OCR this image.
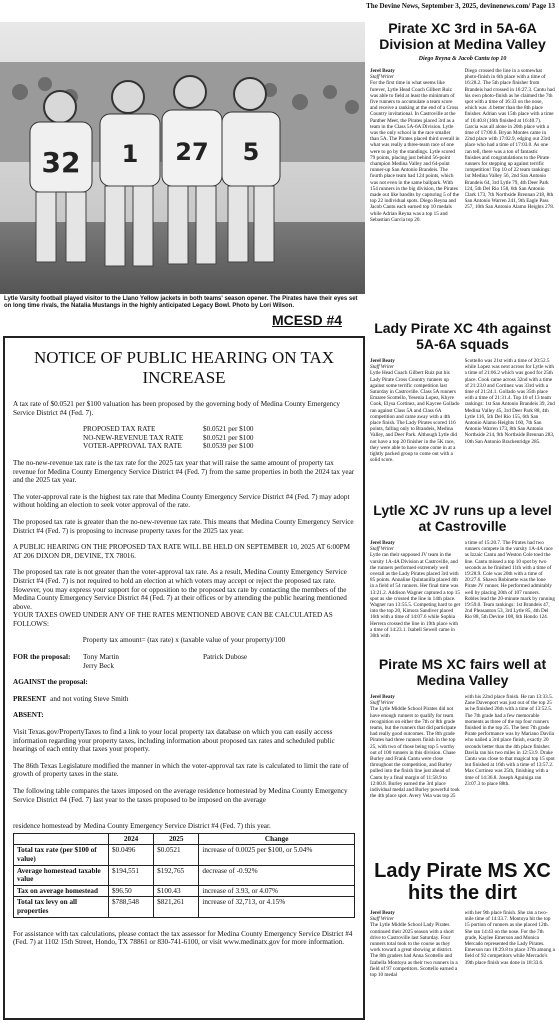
The Devine News, September 3, 2025, devinenews.com/ Page 13
32 1 27 5
Lytle Varsity football played visitor to the Llano Yellow jackets in both teams' season opener. The Pirates have their eyes set on long time rivals, the Natalia Mustangs in the highly anticipated Legacy Bowl. Photo by Lori Wilson.
MCESD #4
NOTICE OF PUBLIC HEARING ON TAX INCREASE

A tax rate of $0.0521 per $100 valuation has been proposed by the governing body of Medina County Emergency Service District #4 (Fed. 7).

PROPOSED TAX RATE	$0.0521 per $100
NO-NEW-REVENUE TAX RATE	$0.0521 per $100
VOTER-APPROVAL TAX RATE	$0.0539 per $100

The no-new-revenue tax rate is the tax rate for the 2025 tax year that will raise the same amount of property tax revenue for Medina County Emergency Service District #4 (Fed. 7) from the same properties in both the 2024 tax year and the 2025 tax year.

The voter-approval rate is the highest tax rate that Medina County Emergency Service District #4 (Fed. 7) may adopt without holding an election to seek voter approval of the rate.

The proposed tax rate is greater than the no-new-revenue tax rate. This means that Medina County Emergency Service District #4 (Fed. 7) is proposing to increase property taxes for the 2025 tax year.

A PUBLIC HEARING ON THE PROPOSED TAX RATE WILL BE HELD ON SEPTEMBER 10, 2025 AT 6:00PM AT 206 DIXON DR, DEVINE, TX 78016.

The proposed tax rate is not greater than the voter-approval tax rate. As a result, Medina County Emergency Service District #4 (Fed. 7) is not required to hold an election at which voters may accept or reject the proposed tax rate. However, you may express your support for or opposition to the proposed tax rate by contacting the members of the Medina County Emergency Service District #4 (Fed. 7) at their offices or by attending the public hearing mentioned above.

YOUR TAXES OWED UNDER ANY OF THE RATES MENTIONED ABOVE CAN BE CALCULATED AS FOLLOWS:

Property tax amount= (tax rate) x (taxable value of your property)/100

FOR the proposal:	Tony Martin
Jerry Beck
Patrick Dubose
AGAINST the proposal:
PRESENT and not voting Steve Smith
ABSENT:

Visit Texas.gov/PropertyTaxes to find a link to your local property tax database on which you can easily access information regarding your property taxes, including information about proposed tax rates and scheduled public hearings of each entity that taxes your property.

The 86th Texas Legislature modified the manner in which the voter-approval tax rate is calculated to limit the rate of growth of property taxes in the state.

The following table compares the taxes imposed on the average residence homestead by Medina County Emergency Service District #4 (Fed. 7) last year to the taxes proposed to be imposed on the average

residence homestead by Medina County Emergency Service District #4 (Fed. 7) this year.

	2024	2025	Change
Total tax rate (per $100 of value)	$0.0496	$0.0521	increase of 0.0025 per $100, or 5.04%
Average homestead taxable value	$194,551	$192,765	decrease of -0.92%
Tax on average homestead	$96.50	$100.43	increase of 3.93, or 4.07%
Total tax levy on all properties	$788,548	$821,261	increase of 32,713, or 4.15%

For assistance with tax calculations, please contact the tax assessor for Medina County Emergency Service District #4 (Fed. 7) at 1102 15th Street, Hondo, TX 78861 or 830-741-6100, or visit www.medinatx.gov for more information.

Pirate XC 3rd in 5A-6A Division at Medina Valley
Diego Reyna & Jacob Cantu top 10
Jerel Beaty
Staff Writer
For the first time in what seems like forever, Lytle Head Coach Gilbert Ruiz was able to field at least the minimum of five runners to accumulate a team score and receive a ranking at the end of a Cross Country invitational. In Castroville at the Panther Meet, the Pirates placed 3rd as a team in the Class 5A-6A Division. Lytle was the only school in the race smaller than 5A. The Pirates placed third overall in what was really a three-team race of one were to go by the standings. Lytle scored 79 points, placing just behind 56-point champion Medina Valley and 64-point runner-up San Antonio Brandeis. The fourth place team had 124 points, which was not even in the same ballpark. With 154 runners in the big division, the Pirates made out like bandits by capturing 5 of the top 22 individual spots. Diego Reyna and Jacob Cantu each earned top 10 medals while Adrian Reyna was a top 15 and Sebastian Garcia top 20.
Diego crossed the line in a somewhat photo-finish in 6th place with a time of 16:28.2. The 5th place finisher from Brandeis had crossed in 16:27.3. Cantu had his own photo-finish as he claimed the 7th spot with a time of 16:33 on the nose, which was .4 better than the 8th place finisher. Adrian was 15th place with a time of 16:40.8 (16th finished at 16:40.7). Garcia was all alone in 20th place with a time of 17:00.6. Bryan Montes came in 22nd place with 17:02.9, edging out 23rd place who had a time of 17:03.0. As one can tell, there was a ton of fantastic finishes and congratulations to the Pirate runners for stepping up against terrific competition! Top 10 of 22 team rankings: 1st Medina Valley 56, 2nd San Antonio Brandeis 64, 3rd Lytle 79, 4th Deer Park 124, 5th Del Rio 158, 6th San Antonio Clark 173, 7th Northside Brennan 218, 8th San Antonio Warren 241, 9th Eagle Pass 257, 10th San Antonio Alamo Heights 278.
Lady Pirate XC 4th against 5A-6A squads
Jerel Beaty
Staff Writer
Lytle Head Coach Gilbert Ruiz put his Lady Pirate Cross Country runners up against some terrific competition last Saturday in Castroville. Class 5A runners Emaree Scottello, Yesenia Lopez, Khyre Cook, Elysa Cortinez, and Kaycee Gollado ran against Class 5A and Class 6A competition and came away with a 4th place finish. The Lady Pirates scored 116 points, falling only to Brandeis, Medina Valley, and Deer Park. Although Lytle did not have a top 20 finisher in the 5K race, they were able to have some come in at a tightly packed group to come out with a solid score.
Scottello was 21st with a time of 20:52.5 while Lopez was next across for Lytle with a time of 21:06.2 which was good for 25th place. Cook came across 32nd with a time of 21:23.0 and Cortinez was 33rd with a time of 21:24.1. Gollado was 35th place with a time of 21:31.4. Top 10 of 13 team rankings: 1st San Antonio Brandeis 39, 2nd Medina Valley 45, 3rd Deer Park 88, 4th Lytle 116, 5th Del Rio 155, 6th San Antonio Alamo Heights 160, 7th San Antonio Warren 173, 8th San Antonio Northside 214, 9th Northside Brennan 283, 10th San Antonio Brackenridge 285.
Lytle XC JV runs up a level at Castroville
Jerel Beaty
Staff Writer
Lytle ran their supposed JV team in the varsity 1A-4A Division at Castroville, and the runners performed extremely well overall as the Lady Pirates placed 3rd with 85 points. Annaline Quintanilla placed 4th in a field of 54 runners. Her final time was 13:21.2. Addison Wagner captured a top 15 spot as she crossed the line in 14th place. Wagner ran 13:55.5. Competing hard to get into the top 20, Kimora Sandiver placed 16th with a time of 14:07.6 while Sophia Herrera crossed the line in 19th place with a time of 14:23.1. Isabell Sewell came in 30th with
a time of 15:20.7. The Pirates had two runners compete in the varsity 1A-4A race as Izzaic Cantu and Weston Cole toed the line. Cantu missed a top 10 spot by two seconds as he finished 11th with a time of 19:28.9. Cole was 20th with a time of 20:27.6. Shawn Robinette was the lone Pirate JV runner. He performed admirably well by placing 20th of 107 runners. Robles lead the 20-minute mark by running 19:59.0. Team rankings: 1st Brandeis 47, 2nd Pleasanton 53, 3rd Lytle 85, 4th Del Rio 88, 5th Devine 108, 6th Hondo 124.
Pirate MS XC fairs well at Medina Valley
Jerel Beaty
Staff Writer
The Lytle Middle School Pirates did not have enough runners to qualify for team recognition on either the 7th or 8th grade teams, but the runners that did participate had really good outcomes. The 8th grade Pirates had three runners finish in the top 25, with two of those being top 5 worthy out of 100 runners in this division. Chase Burley and Frank Cantu were close throughout the competition, and Burley pulled into the finish line just ahead of Cantu by a final margin of 11:58.9 to 12:00.8. Burley earned the 3rd place individual medal and Burley powerful took the 4th place spot. Avery Vela was top 25
with his 22nd place finish. He ran 13:33.5. Zane Davenport was just out of the top 25 as he finished 26th with a time of 13:52.5. The 7th grade had a few memorable moments as three of the top four runners finished in the top 25. The best 7th grade Pirate performance was by Mariano Davila who nailed a 3rd place finish, exactly 20 seconds better than the 4th place finisher. Davila ran his two miles in 12:53.9. Drake Cantu was close to that magical top 15 spot but finished at 16th with a time of 13:57.2. Max Cortinez was 25th, finishing with a time of 14:36.8. Joseph Aguiniga ran 23:07.3 to place 88th.
Lady Pirate MS XC hits the dirt
Jerel Beaty
Staff Writer
The Lytle Middle School Lady Pirates continued their 2025 season with a short drive to Castroville last Saturday. Four runners total took to the course as they work toward a great showing at district. The 8th graders had Anna Scottello and Izabella Montoya as their two runners in a field of 97 competitors. Scottello earned a top 10 medal
with her 9th place finish. She ran a two-mile time of 14:33.7. Montoya hit the top 15 portion of runners as she placed 12th. She ran 14:43 on the nose. For the 7th grade, Kaylee Emerson and Monica Mercado represented the Lady Pirates. Emerson ran 18:29.8 to place 37th among a field of 92 competitors while Mercado's 39th place finish was done in 18:33.6.
